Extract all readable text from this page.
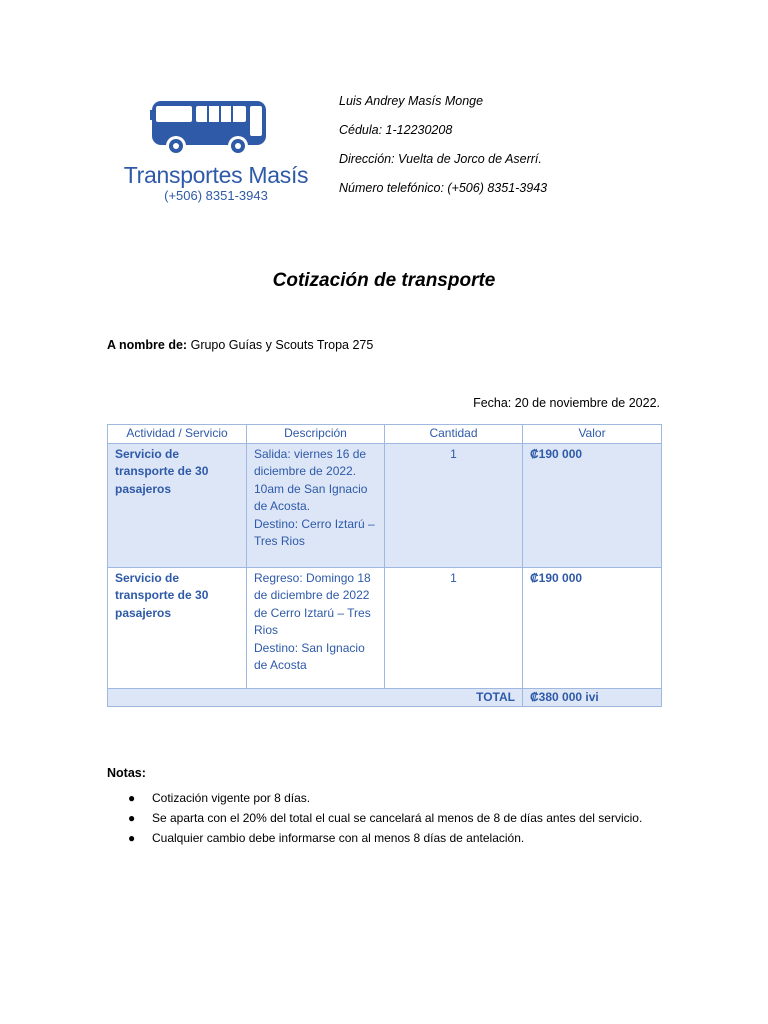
Transportes Masís
(+506) 8351-3943
Luis Andrey Masís Monge
Cédula: 1-12230208
Dirección: Vuelta de Jorco de Aserrí.
Número telefónico: (+506) 8351-3943
Cotización de transporte
A nombre de: Grupo Guías y Scouts Tropa 275
Fecha: 20 de noviembre de 2022.
Actividad / Servicio	Descripción	Cantidad	Valor
Servicio de transporte de 30 pasajeros	Salida: viernes 16 de diciembre de 2022.
10am de San Ignacio de Acosta.
Destino: Cerro Iztarú – Tres Rios	1	₡190 000
Servicio de transporte de 30 pasajeros	Regreso: Domingo 18 de diciembre de 2022 de Cerro Iztarú – Tres Rios
Destino: San Ignacio de Acosta	1	₡190 000
TOTAL			₡380 000 ivi
Notas:
● Cotización vigente por 8 días.
● Se aparta con el 20% del total el cual se cancelará al menos de 8 de días antes del servicio.
● Cualquier cambio debe informarse con al menos 8 días de antelación.
